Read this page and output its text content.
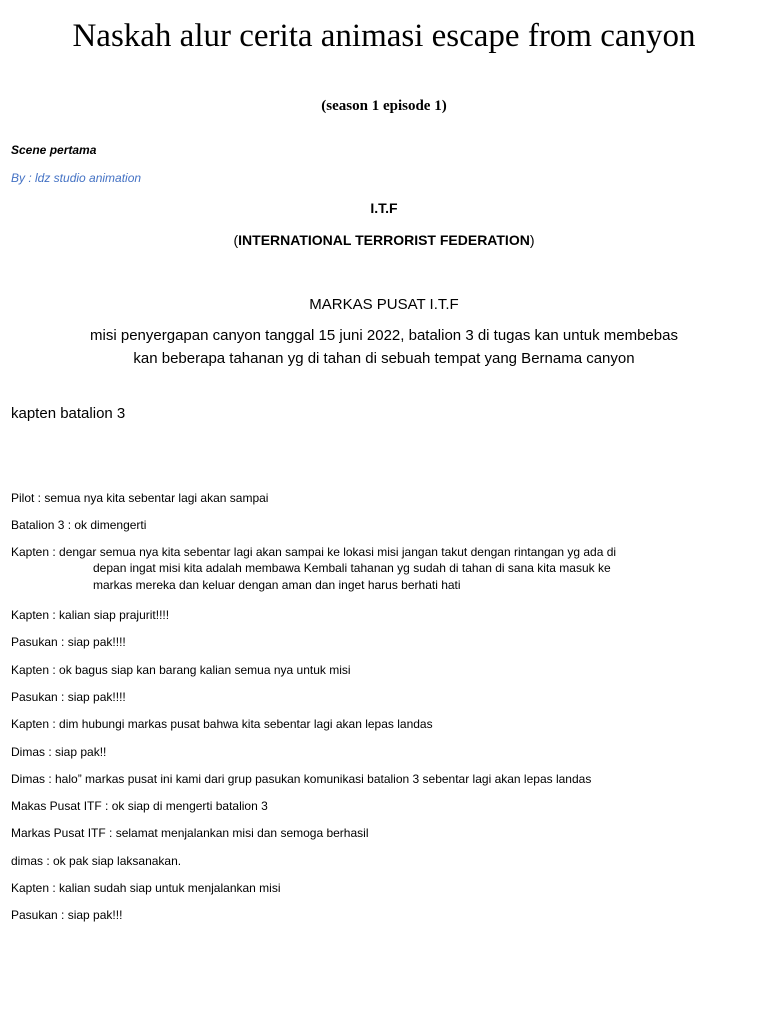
Naskah alur cerita animasi escape from canyon
(season 1 episode 1)
Scene pertama
By : ldz studio animation
I.T.F
(INTERNATIONAL TERRORIST FEDERATION)
MARKAS PUSAT I.T.F
misi penyergapan canyon tanggal 15 juni 2022, batalion 3 di tugas kan untuk membebas kan beberapa tahanan yg di tahan di sebuah tempat yang Bernama canyon
kapten batalion 3
Pilot : semua nya kita sebentar lagi akan sampai
Batalion 3 : ok dimengerti
Kapten : dengar semua nya kita sebentar lagi akan sampai ke lokasi misi jangan takut dengan rintangan yg ada di
depan ingat misi kita adalah membawa Kembali tahanan yg sudah di tahan di sana kita masuk ke
markas mereka dan keluar dengan aman dan inget harus berhati hati
Kapten : kalian siap prajurit!!!!
Pasukan : siap pak!!!!
Kapten : ok bagus siap kan barang kalian semua nya untuk misi
Pasukan : siap pak!!!!
Kapten : dim hubungi markas pusat bahwa kita sebentar lagi akan lepas landas
Dimas : siap pak!!
Dimas : halo” markas pusat ini kami dari grup pasukan komunikasi batalion 3 sebentar lagi akan lepas landas
Makas Pusat ITF : ok siap di mengerti batalion 3
Markas Pusat ITF : selamat menjalankan misi dan semoga berhasil
dimas : ok pak siap laksanakan.
Kapten : kalian sudah siap untuk menjalankan misi
Pasukan : siap pak!!!
